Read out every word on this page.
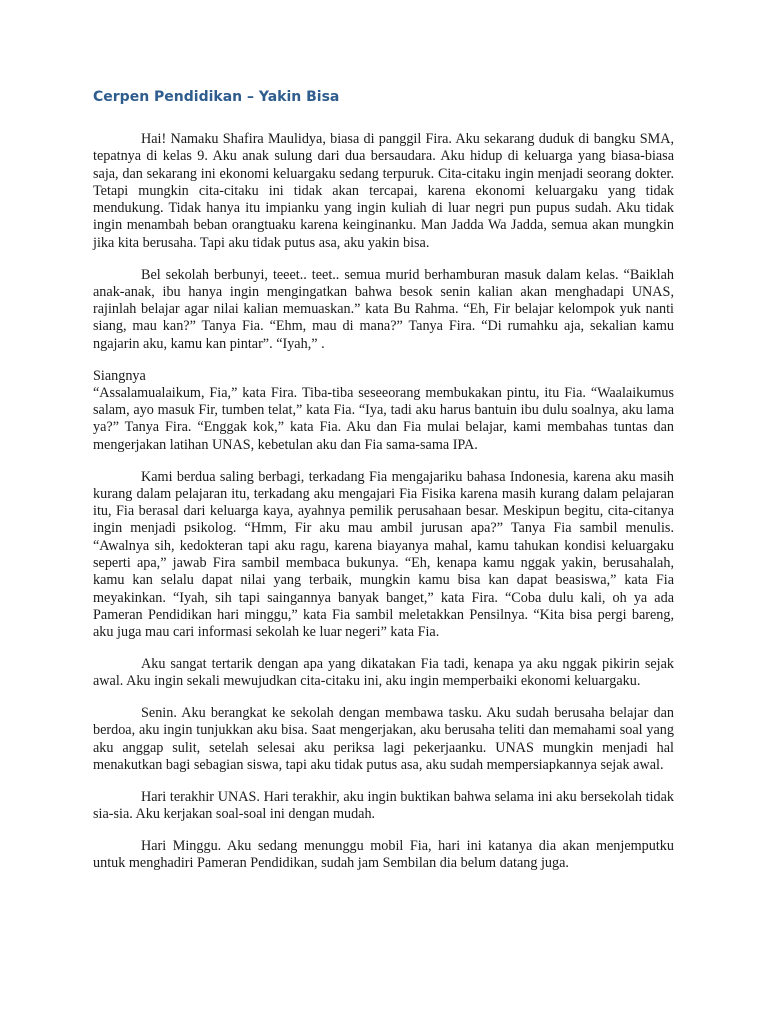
Cerpen Pendidikan – Yakin Bisa

Hai! Namaku Shafira Maulidya, biasa di panggil Fira. Aku sekarang duduk di bangku SMA, tepatnya di kelas 9. Aku anak sulung dari dua bersaudara. Aku hidup di keluarga yang biasa-biasa saja, dan sekarang ini ekonomi keluargaku sedang terpuruk. Cita-citaku ingin menjadi seorang dokter. Tetapi mungkin cita-citaku ini tidak akan tercapai, karena ekonomi keluargaku yang tidak mendukung. Tidak hanya itu impianku yang ingin kuliah di luar negri pun pupus sudah. Aku tidak ingin menambah beban orangtuaku karena keinginanku. Man Jadda Wa Jadda, semua akan mungkin jika kita berusaha. Tapi aku tidak putus asa, aku yakin bisa.

Bel sekolah berbunyi, teeet.. teet.. semua murid berhamburan masuk dalam kelas. “Baiklah anak-anak, ibu hanya ingin mengingatkan bahwa besok senin kalian akan menghadapi UNAS, rajinlah belajar agar nilai kalian memuaskan.” kata Bu Rahma. “Eh, Fir belajar kelompok yuk nanti siang, mau kan?” Tanya Fia. “Ehm, mau di mana?” Tanya Fira. “Di rumahku aja, sekalian kamu ngajarin aku, kamu kan pintar”. “Iyah,” .

Siangnya

“Assalamualaikum, Fia,” kata Fira. Tiba-tiba seseeorang membukakan pintu, itu Fia. “Waalaikumus salam, ayo masuk Fir, tumben telat,” kata Fia. “Iya, tadi aku harus bantuin ibu dulu soalnya, aku lama ya?” Tanya Fira. “Enggak kok,” kata Fia. Aku dan Fia mulai belajar, kami membahas tuntas dan mengerjakan latihan UNAS, kebetulan aku dan Fia sama-sama IPA.

Kami berdua saling berbagi, terkadang Fia mengajariku bahasa Indonesia, karena aku masih kurang dalam pelajaran itu, terkadang aku mengajari Fia Fisika karena masih kurang dalam pelajaran itu, Fia berasal dari keluarga kaya, ayahnya pemilik perusahaan besar. Meskipun begitu, cita-citanya ingin menjadi psikolog. “Hmm, Fir aku mau ambil jurusan apa?” Tanya Fia sambil menulis. “Awalnya sih, kedokteran tapi aku ragu, karena biayanya mahal, kamu tahukan kondisi keluargaku seperti apa,” jawab Fira sambil membaca bukunya. “Eh, kenapa kamu nggak yakin, berusahalah, kamu kan selalu dapat nilai yang terbaik, mungkin kamu bisa kan dapat beasiswa,” kata Fia meyakinkan. “Iyah, sih tapi saingannya banyak banget,” kata Fira. “Coba dulu kali, oh ya ada Pameran Pendidikan hari minggu,” kata Fia sambil meletakkan Pensilnya. “Kita bisa pergi bareng, aku juga mau cari informasi sekolah ke luar negeri” kata Fia.

Aku sangat tertarik dengan apa yang dikatakan Fia tadi, kenapa ya aku nggak pikirin sejak awal. Aku ingin sekali mewujudkan cita-citaku ini, aku ingin memperbaiki ekonomi keluargaku.

Senin. Aku berangkat ke sekolah dengan membawa tasku. Aku sudah berusaha belajar dan berdoa, aku ingin tunjukkan aku bisa. Saat mengerjakan, aku berusaha teliti dan memahami soal yang aku anggap sulit, setelah selesai aku periksa lagi pekerjaanku. UNAS mungkin menjadi hal menakutkan bagi sebagian siswa, tapi aku tidak putus asa, aku sudah mempersiapkannya sejak awal.

Hari terakhir UNAS. Hari terakhir, aku ingin buktikan bahwa selama ini aku bersekolah tidak sia-sia. Aku kerjakan soal-soal ini dengan mudah.

Hari Minggu. Aku sedang menunggu mobil Fia, hari ini katanya dia akan menjemputku untuk menghadiri Pameran Pendidikan, sudah jam Sembilan dia belum datang juga.
